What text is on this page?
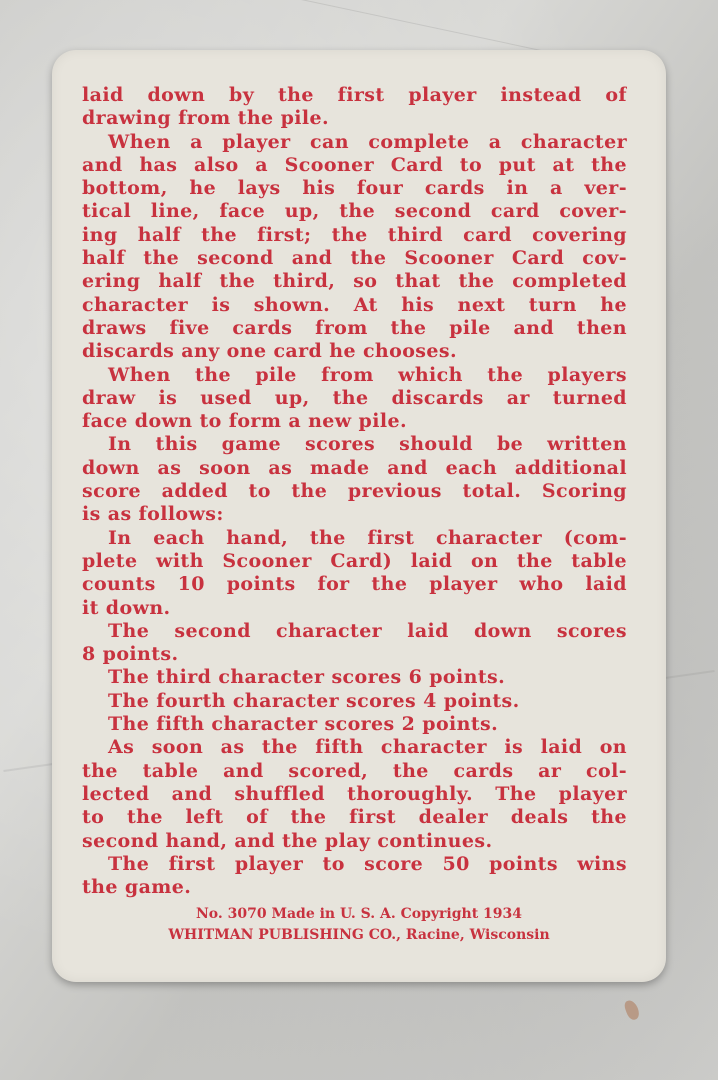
laid down by the first player instead of
drawing from the pile.
When a player can complete a character
and has also a Scooner Card to put at the
bottom, he lays his four cards in a ver-
tical line, face up, the second card cover-
ing half the first; the third card covering
half the second and the Scooner Card cov-
ering half the third, so that the completed
character is shown. At his next turn he
draws five cards from the pile and then
discards any one card he chooses.
When the pile from which the players
draw is used up, the discards ar turned
face down to form a new pile.
In this game scores should be written
down as soon as made and each additional
score added to the previous total. Scoring
is as follows:
In each hand, the first character (com-
plete with Scooner Card) laid on the table
counts 10 points for the player who laid
it down.
The second character laid down scores
8 points.
The third character scores 6 points.
The fourth character scores 4 points.
The fifth character scores 2 points.
As soon as the fifth character is laid on
the table and scored, the cards ar col-
lected and shuffled thoroughly. The player
to the left of the first dealer deals the
second hand, and the play continues.
The first player to score 50 points wins
the game.
No. 3070 Made in U. S. A. Copyright 1934
WHITMAN PUBLISHING CO., Racine, Wisconsin
